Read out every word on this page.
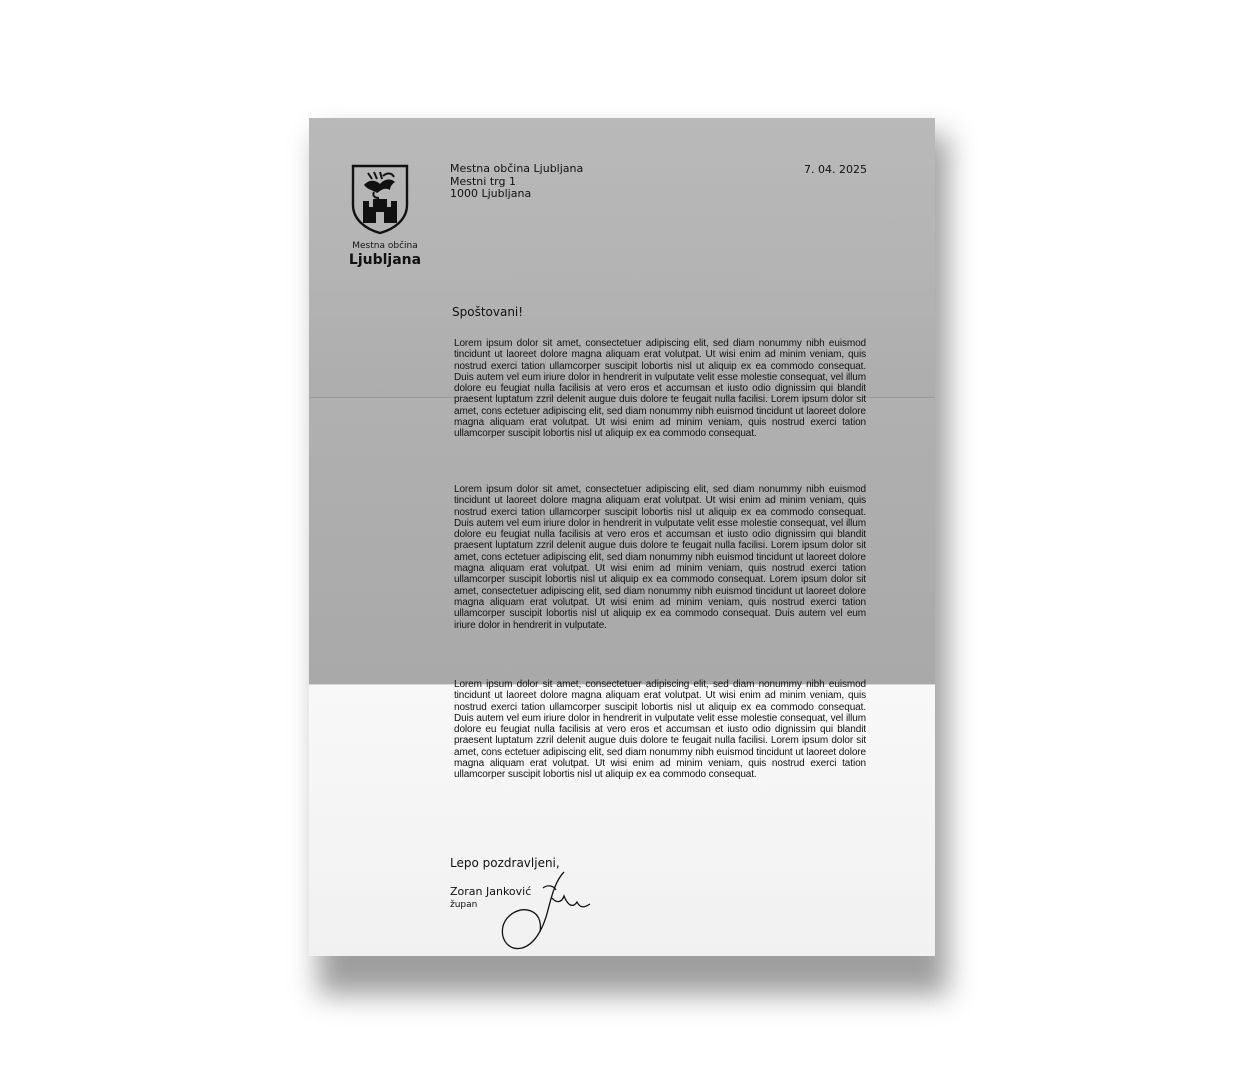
Mestna občina
Ljubljana
Mestna občina Ljubljana
Mestni trg 1
1000 Ljubljana
7. 04. 2025
Spoštovani!

Lorem ipsum dolor sit amet, consectetuer adipiscing elit, sed diam nonummy nibh euismod tincidunt ut laoreet dolore magna aliquam erat volutpat. Ut wisi enim ad minim veniam, quis nostrud exerci tation ullamcorper suscipit lobortis nisl ut aliquip ex ea commodo consequat. Duis autem vel eum iriure dolor in hendrerit in vulputate velit esse molestie consequat, vel illum dolore eu feugiat nulla facilisis at vero eros et accumsan et iusto odio dignissim qui blandit praesent luptatum zzril delenit augue duis dolore te feugait nulla facilisi. Lorem ipsum dolor sit amet, cons ectetuer adipiscing elit, sed diam nonummy nibh euismod tincidunt ut laoreet dolore magna aliquam erat volutpat. Ut wisi enim ad minim veniam, quis nostrud exerci tation ullamcorper suscipit lobortis nisl ut aliquip ex ea commodo consequat.

Lorem ipsum dolor sit amet, consectetuer adipiscing elit, sed diam nonummy nibh euismod tincidunt ut laoreet dolore magna aliquam erat volutpat. Ut wisi enim ad minim veniam, quis nostrud exerci tation ullamcorper suscipit lobortis nisl ut aliquip ex ea commodo consequat. Duis autem vel eum iriure dolor in hendrerit in vulputate velit esse molestie consequat, vel illum dolore eu feugiat nulla facilisis at vero eros et accumsan et iusto odio dignissim qui blandit praesent luptatum zzril delenit augue duis dolore te feugait nulla facilisi. Lorem ipsum dolor sit amet, cons ectetuer adipiscing elit, sed diam nonummy nibh euismod tincidunt ut laoreet dolore magna aliquam erat volutpat. Ut wisi enim ad minim veniam, quis nostrud exerci tation ullamcorper suscipit lobortis nisl ut aliquip ex ea commodo consequat. Lorem ipsum dolor sit amet, consectetuer adipiscing elit, sed diam nonummy nibh euismod tincidunt ut laoreet dolore magna aliquam erat volutpat. Ut wisi enim ad minim veniam, quis nostrud exerci tation ullamcorper suscipit lobortis nisl ut aliquip ex ea commodo consequat. Duis autem vel eum iriure dolor in hendrerit in vulputate.

Lorem ipsum dolor sit amet, consectetuer adipiscing elit, sed diam nonummy nibh euismod tincidunt ut laoreet dolore magna aliquam erat volutpat. Ut wisi enim ad minim veniam, quis nostrud exerci tation ullamcorper suscipit lobortis nisl ut aliquip ex ea commodo consequat. Duis autem vel eum iriure dolor in hendrerit in vulputate velit esse molestie consequat, vel illum dolore eu feugiat nulla facilisis at vero eros et accumsan et iusto odio dignissim qui blandit praesent luptatum zzril delenit augue duis dolore te feugait nulla facilisi. Lorem ipsum dolor sit amet, cons ectetuer adipiscing elit, sed diam nonummy nibh euismod tincidunt ut laoreet dolore magna aliquam erat volutpat. Ut wisi enim ad minim veniam, quis nostrud exerci tation ullamcorper suscipit lobortis nisl ut aliquip ex ea commodo consequat.

Lepo pozdravljeni,
Zoran Janković
župan
